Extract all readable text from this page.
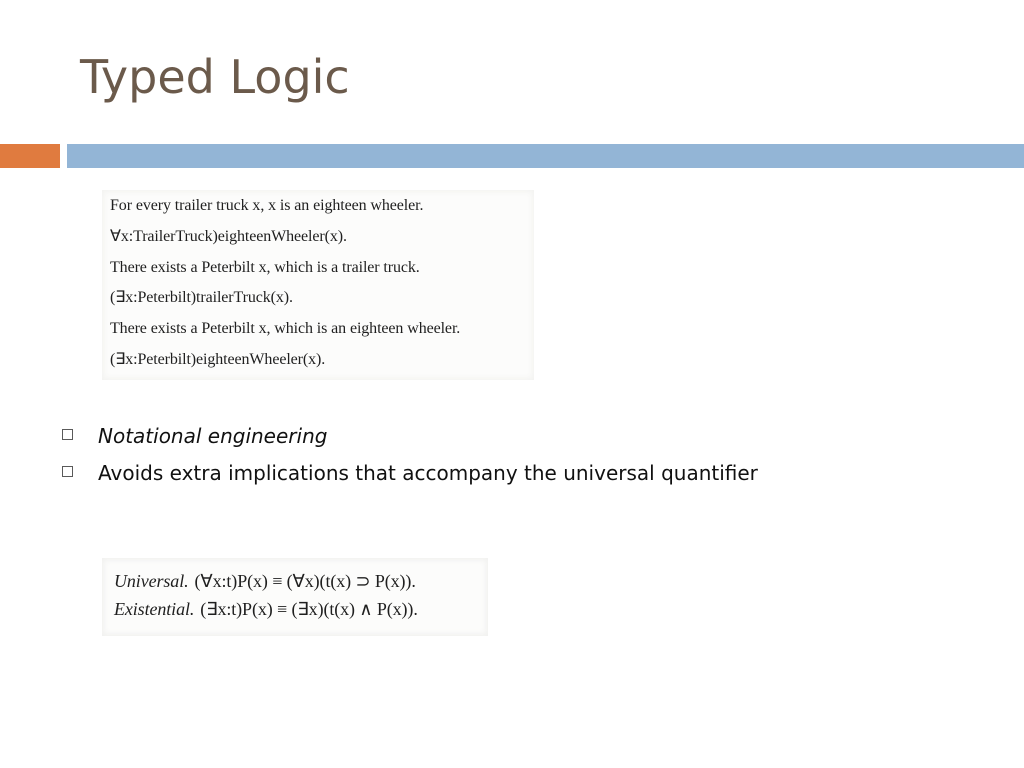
Typed Logic
For every trailer truck x, x is an eighteen wheeler.
∀x:TrailerTruck)eighteenWheeler(x).
There exists a Peterbilt x, which is a trailer truck.
(∃x:Peterbilt)trailerTruck(x).
There exists a Peterbilt x, which is an eighteen wheeler.
(∃x:Peterbilt)eighteenWheeler(x).
Notational engineering
Avoids extra implications that accompany the universal quantifier
Universal. (∀x:t)P(x) ≡ (∀x)(t(x) ⊃ P(x)).
Existential. (∃x:t)P(x) ≡ (∃x)(t(x) ∧ P(x)).
